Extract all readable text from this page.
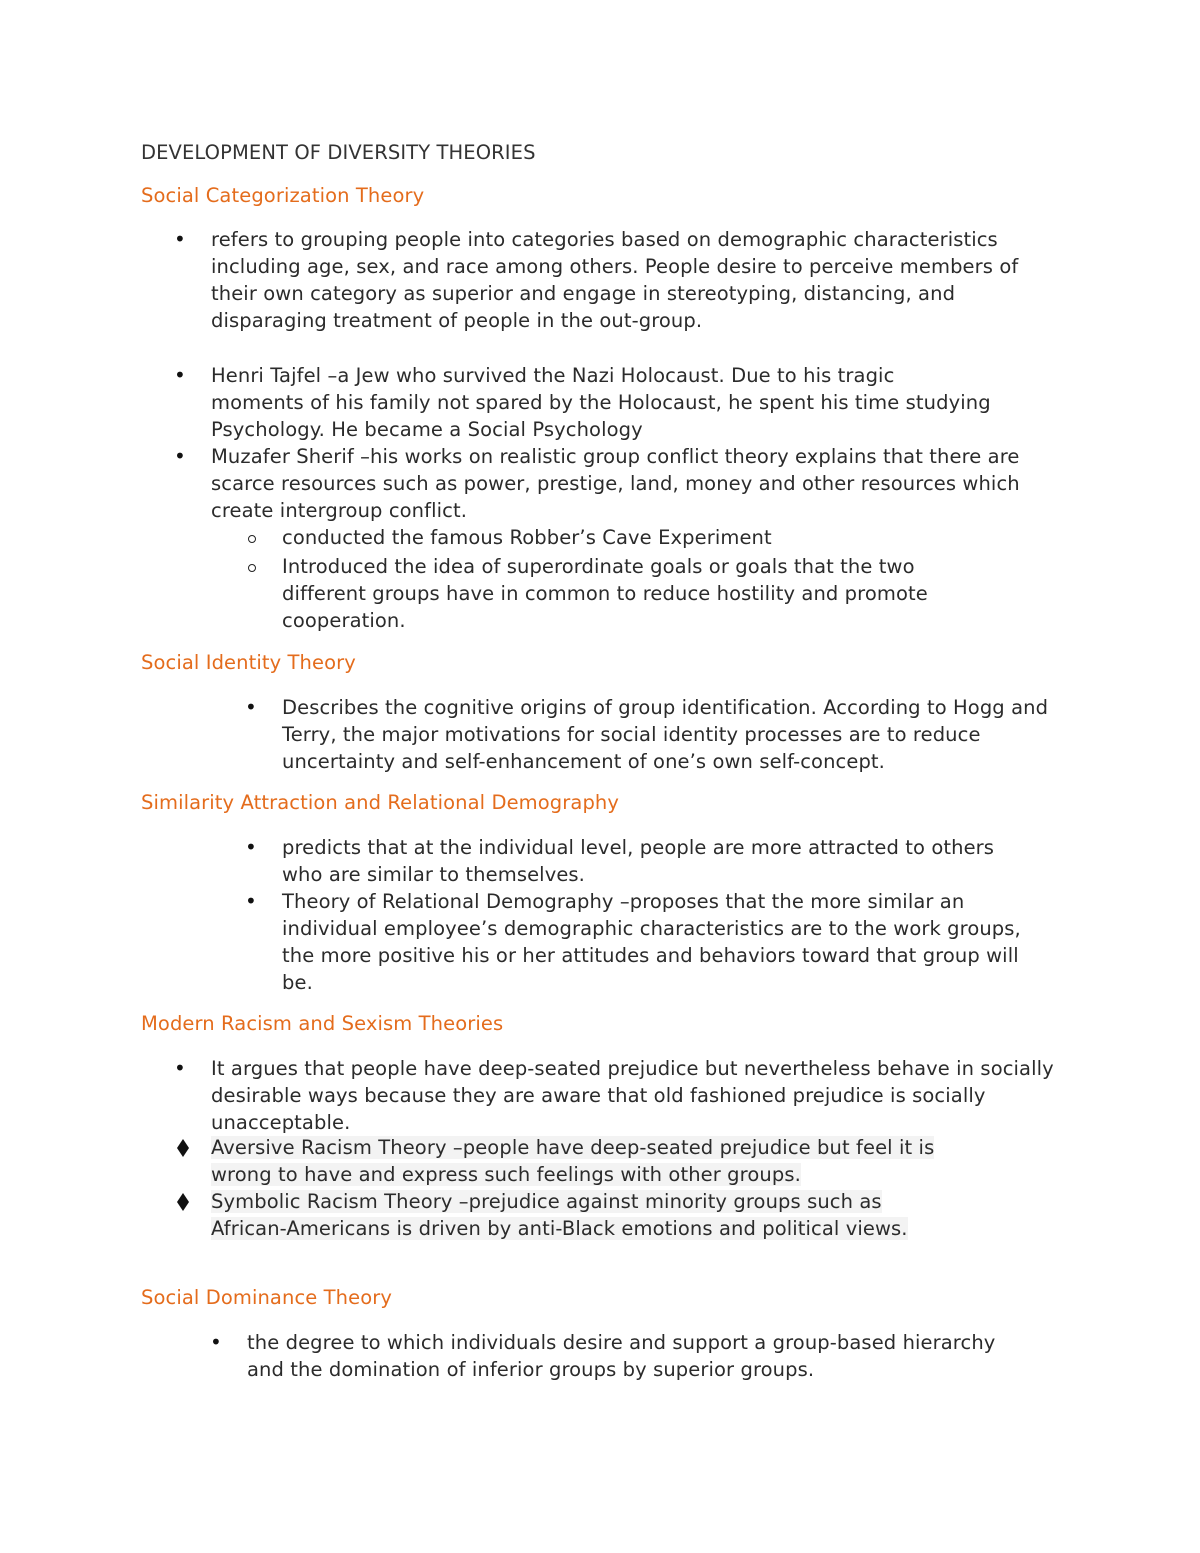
DEVELOPMENT OF DIVERSITY THEORIES
Social Categorization Theory
• refers to grouping people into categories based on demographic characteristics including age, sex, and race among others. People desire to perceive members of their own category as superior and engage in stereotyping, distancing, and disparaging treatment of people in the out-group.
• Henri Tajfel –a Jew who survived the Nazi Holocaust. Due to his tragic moments of his family not spared by the Holocaust, he spent his time studying Psychology. He became a Social Psychology
• Muzafer Sherif –his works on realistic group conflict theory explains that there are scarce resources such as power, prestige, land, money and other resources which create intergroup conflict.
conducted the famous Robber’s Cave Experiment
Introduced the idea of superordinate goals or goals that the two different groups have in common to reduce hostility and promote cooperation.
Social Identity Theory
• Describes the cognitive origins of group identification. According to Hogg and Terry, the major motivations for social identity processes are to reduce uncertainty and self-enhancement of one’s own self-concept.
Similarity Attraction and Relational Demography
• predicts that at the individual level, people are more attracted to others who are similar to themselves.
• Theory of Relational Demography –proposes that the more similar an individual employee’s demographic characteristics are to the work groups, the more positive his or her attitudes and behaviors toward that group will be.
Modern Racism and Sexism Theories
• It argues that people have deep-seated prejudice but nevertheless behave in socially desirable ways because they are aware that old fashioned prejudice is socially unacceptable.
Aversive Racism Theory –people have deep-seated prejudice but feel it is wrong to have and express such feelings with other groups.
Symbolic Racism Theory –prejudice against minority groups such as African-Americans is driven by anti-Black emotions and political views.
Social Dominance Theory
• the degree to which individuals desire and support a group-based hierarchy and the domination of inferior groups by superior groups.
